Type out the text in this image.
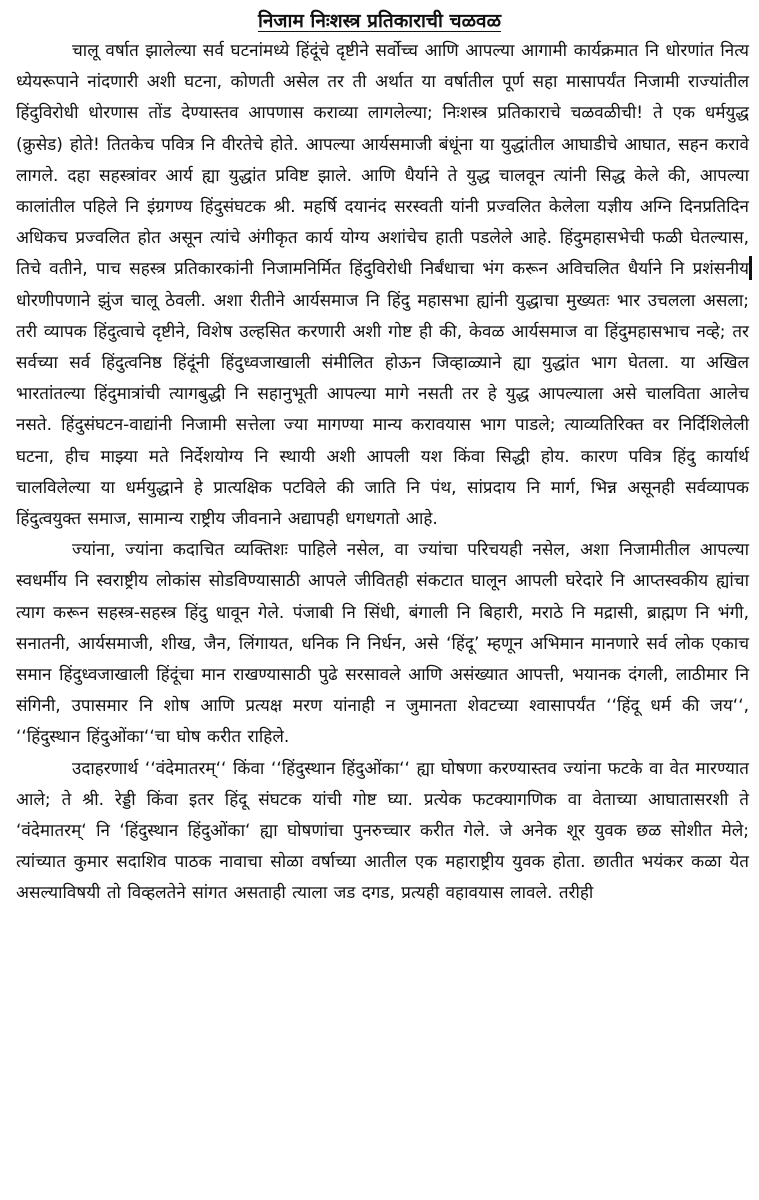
निजाम निःशस्त्र प्रतिकाराची चळवळ

चालू वर्षात झालेल्या सर्व घटनांमध्ये हिंदूंचे दृष्टीने सर्वोच्च आणि आपल्या आगामी कार्यक्रमात नि धोरणांत नित्य ध्येयरूपाने नांदणारी अशी घटना, कोणती असेल तर ती अर्थात या वर्षातील पूर्ण सहा मासापर्यंत निजामी राज्यांतील हिंदुविरोधी धोरणास तोंड देण्यास्तव आपणास कराव्या लागलेल्या; निःशस्त्र प्रतिकाराचे चळवळीची! ते एक धर्मयुद्ध (क्रुसेड) होते! तितकेच पवित्र नि वीरतेचे होते. आपल्या आर्यसमाजी बंधूंना या युद्धांतील आघाडीचे आघात, सहन करावे लागले. दहा सहस्त्रांवर आर्य ह्या युद्धांत प्रविष्ट झाले. आणि धैर्याने ते युद्ध चालवून त्यांनी सिद्ध केले की, आपल्या कालांतील पहिले नि इंग्रगण्य हिंदुसंघटक श्री. महर्षि दयानंद सरस्वती यांनी प्रज्वलित केलेला यज्ञीय अग्नि दिनप्रतिदिन अधिकच प्रज्वलित होत असून त्यांचे अंगीकृत कार्य योग्य अशांचेच हाती पडलेले आहे. हिंदुमहासभेची फळी घेतल्यास, तिचे वतीने, पाच सहस्त्र प्रतिकारकांनी निजामनिर्मित हिंदुविरोधी निर्बंधाचा भंग करून अविचलित धैर्याने नि प्रशंसनीय धोरणीपणाने झुंज चालू ठेवली. अशा रीतीने आर्यसमाज नि हिंदु महासभा ह्यांनी युद्धाचा मुख्यतः भार उचलला असला; तरी व्यापक हिंदुत्वाचे दृष्टीने, विशेष उल्हसित करणारी अशी गोष्ट ही की, केवळ आर्यसमाज वा हिंदुमहासभाच नव्हे; तर सर्वच्या सर्व हिंदुत्वनिष्ठ हिंदूंनी हिंदुध्वजाखाली संमीलित होऊन जिव्हाळ्याने ह्या युद्धांत भाग घेतला. या अखिल भारतांतल्या हिंदुमात्रांची त्यागबुद्धी नि सहानुभूती आपल्या मागे नसती तर हे युद्ध आपल्याला असे चालविता आलेच नसते. हिंदुसंघटन-वाद्यांनी निजामी सत्तेला ज्या मागण्या मान्य करावयास भाग पाडले; त्याव्यतिरिक्त वर निर्दिशिलेली घटना, हीच माझ्या मते निर्देशयोग्य नि स्थायी अशी आपली यश किंवा सिद्धी होय. कारण पवित्र हिंदु कार्यार्थ चालविलेल्या या धर्मयुद्धाने हे प्रात्यक्षिक पटविले की जाति नि पंथ, सांप्रदाय नि मार्ग, भिन्न असूनही सर्वव्यापक हिंदुत्वयुक्त समाज, सामान्य राष्ट्रीय जीवनाने अद्यापही धगधगतो आहे.

ज्यांना, ज्यांना कदाचित व्यक्तिशः पाहिले नसेल, वा ज्यांचा परिचयही नसेल, अशा निजामीतील आपल्या स्वधर्मीय नि स्वराष्ट्रीय लोकांस सोडविण्यासाठी आपले जीवितही संकटात घालून आपली घरेदारे नि आप्तस्वकीय ह्यांचा त्याग करून सहस्त्र-सहस्त्र हिंदु धावून गेले. पंजाबी नि सिंधी, बंगाली नि बिहारी, मराठे नि मद्रासी, ब्राह्मण नि भंगी, सनातनी, आर्यसमाजी, शीख, जैन, लिंगायत, धनिक नि निर्धन, असे ‘हिंदू’ म्हणून अभिमान मानणारे सर्व लोक एकाच समान हिंदुध्वजाखाली हिंदूंचा मान राखण्यासाठी पुढे सरसावले आणि असंख्यात आपत्ती, भयानक दंगली, लाठीमार नि संगिनी, उपासमार नि शोष आणि प्रत्यक्ष मरण यांनाही न जुमानता शेवटच्या श्वासापर्यंत ‘‘हिंदू धर्म की जय‘‘, ‘‘हिंदुस्थान हिंदुओंका‘‘चा घोष करीत राहिले.

उदाहरणार्थ ‘‘वंदेमातरम्‘‘ किंवा ‘‘हिंदुस्थान हिंदुओंका‘‘ ह्या घोषणा करण्यास्तव ज्यांना फटके वा वेत मारण्यात आले; ते श्री. रेड्डी किंवा इतर हिंदू संघटक यांची गोष्ट घ्या. प्रत्येक फटक्यागणिक वा वेताच्या आघातासरशी ते ‘वंदेमातरम्‘ नि ‘हिंदुस्थान हिंदुओंका‘ ह्या घोषणांचा पुनरुच्चार करीत गेले. जे अनेक शूर युवक छळ सोशीत मेले; त्यांच्यात कुमार सदाशिव पाठक नावाचा सोळा वर्षाच्या आतील एक महाराष्ट्रीय युवक होता. छातीत भयंकर कळा येत असल्याविषयी तो विव्हलतेने सांगत असताही त्याला जड दगड, प्रत्यही वहावयास लावले. तरीही
